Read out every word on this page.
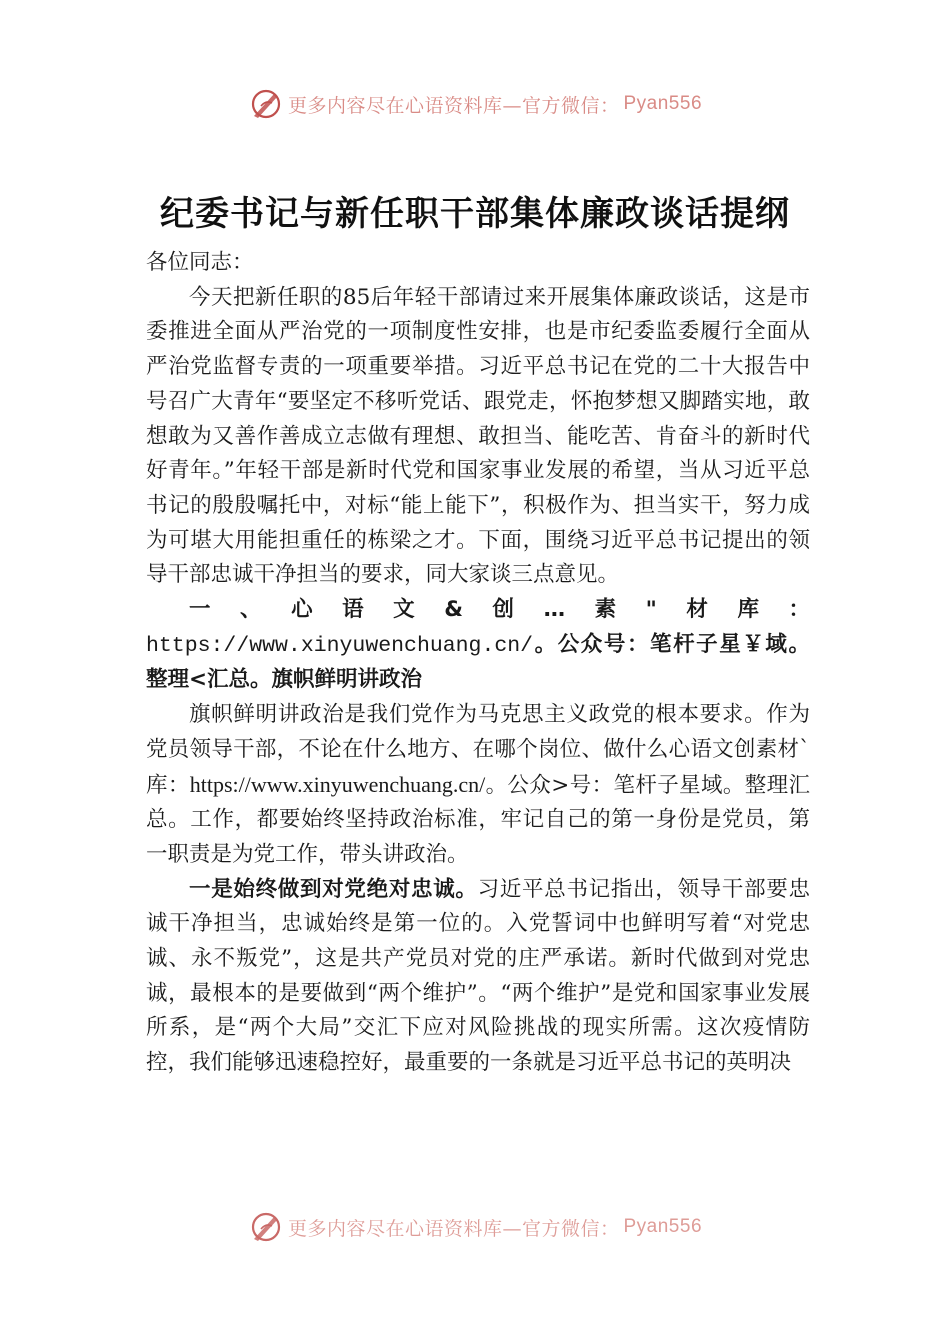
更多内容尽在心语资料库—官方微信： Pyan556
纪委书记与新任职干部集体廉政谈话提纲

各位同志：

今天把新任职的85后年轻干部请过来开展集体廉政谈话，这是市委推进全面从严治党的一项制度性安排，也是市纪委监委履行全面从严治党监督专责的一项重要举措。习近平总书记在党的二十大报告中号召广大青年“要坚定不移听党话、跟党走，怀抱梦想又脚踏实地，敢想敢为又善作善成立志做有理想、敢担当、能吃苦、肯奋斗的新时代好青年。”年轻干部是新时代党和国家事业发展的希望，当从习近平总书记的殷殷嘱托中，对标“能上能下”，积极作为、担当实干，努力成为可堪大用能担重任的栋梁之才。下面，围绕习近平总书记提出的领导干部忠诚干净担当的要求，同大家谈三点意见。

一、心语文&创…素"材库：https://www.xinyuwenchuang.cn/。公众号：笔杆子星￥域。整理<汇总。旗帜鲜明讲政治

旗帜鲜明讲政治是我们党作为马克思主义政党的根本要求。作为党员领导干部，不论在什么地方、在哪个岗位、做什么心语文创素材`库：https://www.xinyuwenchuang.cn/。公众>号：笔杆子星域。整理汇总。工作，都要始终坚持政治标准，牢记自己的第一身份是党员，第一职责是为党工作，带头讲政治。

一是始终做到对党绝对忠诚。习近平总书记指出，领导干部要忠诚干净担当，忠诚始终是第一位的。入党誓词中也鲜明写着“对党忠诚、永不叛党”，这是共产党员对党的庄严承诺。新时代做到对党忠诚，最根本的是要做到“两个维护”。“两个维护”是党和国家事业发展所系，是“两个大局”交汇下应对风险挑战的现实所需。这次疫情防控，我们能够迅速稳控好，最重要的一条就是习近平总书记的英明决

更多内容尽在心语资料库—官方微信： Pyan556
